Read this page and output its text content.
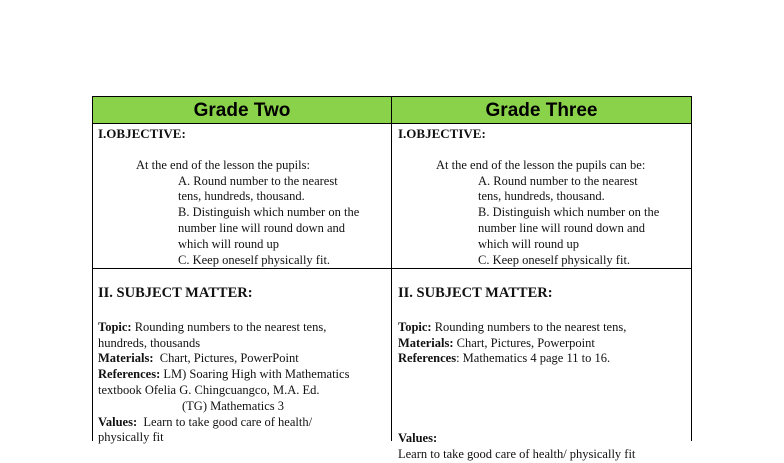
Grade Two	Grade Three

I.OBJECTIVE:

At the end of the lesson the pupils:

A. Round number to the nearest

tens, hundreds, thousand.

B. Distinguish which number on the

number line will round down and

which will round up

C. Keep oneself physically fit.

I.OBJECTIVE:

At the end of the lesson the pupils can be:

A. Round number to the nearest

tens, hundreds, thousand.

B. Distinguish which number on the

number line will round down and

which will round up

C. Keep oneself physically fit.

II. SUBJECT MATTER:

Topic: Rounding numbers to the nearest tens,

hundreds, thousands

Materials: Chart, Pictures, PowerPoint

References: LM) Soaring High with Mathematics

textbook Ofelia G. Chingcuangco, M.A. Ed.

(TG) Mathematics 3

Values: Learn to take good care of health/

physically fit

II. SUBJECT MATTER:

Topic: Rounding numbers to the nearest tens,

Materials: Chart, Pictures, Powerpoint

References: Mathematics 4 page 11 to 16.

Values:

Learn to take good care of health/ physically fit
